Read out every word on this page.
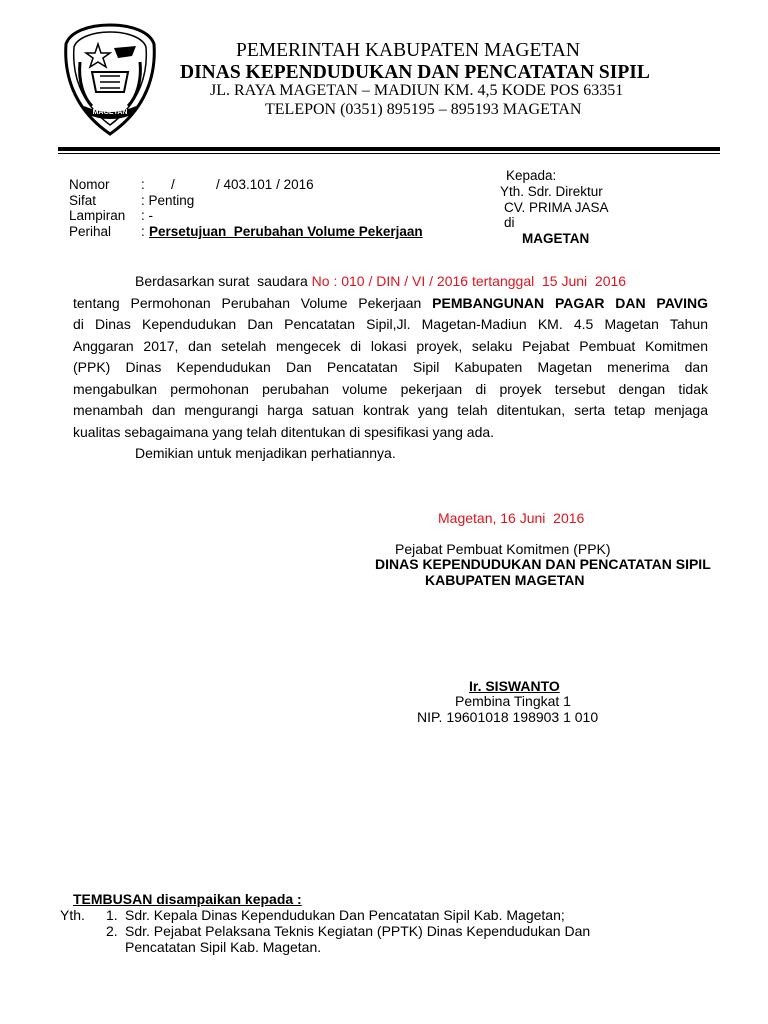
MAGETAN
PEMERINTAH KABUPATEN MAGETAN
DINAS KEPENDUDUKAN DAN PENCATATAN SIPIL
JL. RAYA MAGETAN – MADIUN KM. 4,5 KODE POS 63351
TELEPON (0351) 895195 – 895193 MAGETAN
Nomor :       /           / 403.101 / 2016
Sifat	: Penting
Lampiran : -
Perihal : Persetujuan  Perubahan Volume Pekerjaan
Kepada:
Yth. Sdr. Direktur
CV. PRIMA JASA
di
MAGETAN
Berdasarkan surat  saudara No : 010 / DIN / VI / 2016 tertanggal  15 Juni  2016
tentang Permohonan Perubahan Volume Pekerjaan PEMBANGUNAN PAGAR DAN PAVING
di Dinas Kependudukan Dan Pencatatan Sipil,Jl. Magetan-Madiun KM. 4.5 Magetan Tahun
Anggaran 2017, dan setelah mengecek di lokasi proyek, selaku Pejabat Pembuat Komitmen
(PPK) Dinas Kependudukan Dan Pencatatan Sipil Kabupaten Magetan menerima dan
mengabulkan permohonan perubahan volume pekerjaan di proyek tersebut dengan tidak
menambah dan mengurangi harga satuan kontrak yang telah ditentukan, serta tetap menjaga
kualitas sebagaimana yang telah ditentukan di spesifikasi yang ada.
Demikian untuk menjadikan perhatiannya.
Magetan, 16 Juni  2016
Pejabat Pembuat Komitmen (PPK)
DINAS KEPENDUDUKAN DAN PENCATATAN SIPIL
KABUPATEN MAGETAN
Ir. SISWANTO
Pembina Tingkat 1
NIP. 19601018 198903 1 010
TEMBUSAN disampaikan kepada :
Yth. 1. Sdr. Kepala Dinas Kependudukan Dan Pencatatan Sipil Kab. Magetan;
2. Sdr. Pejabat Pelaksana Teknis Kegiatan (PPTK) Dinas Kependudukan Dan
Pencatatan Sipil Kab. Magetan.
